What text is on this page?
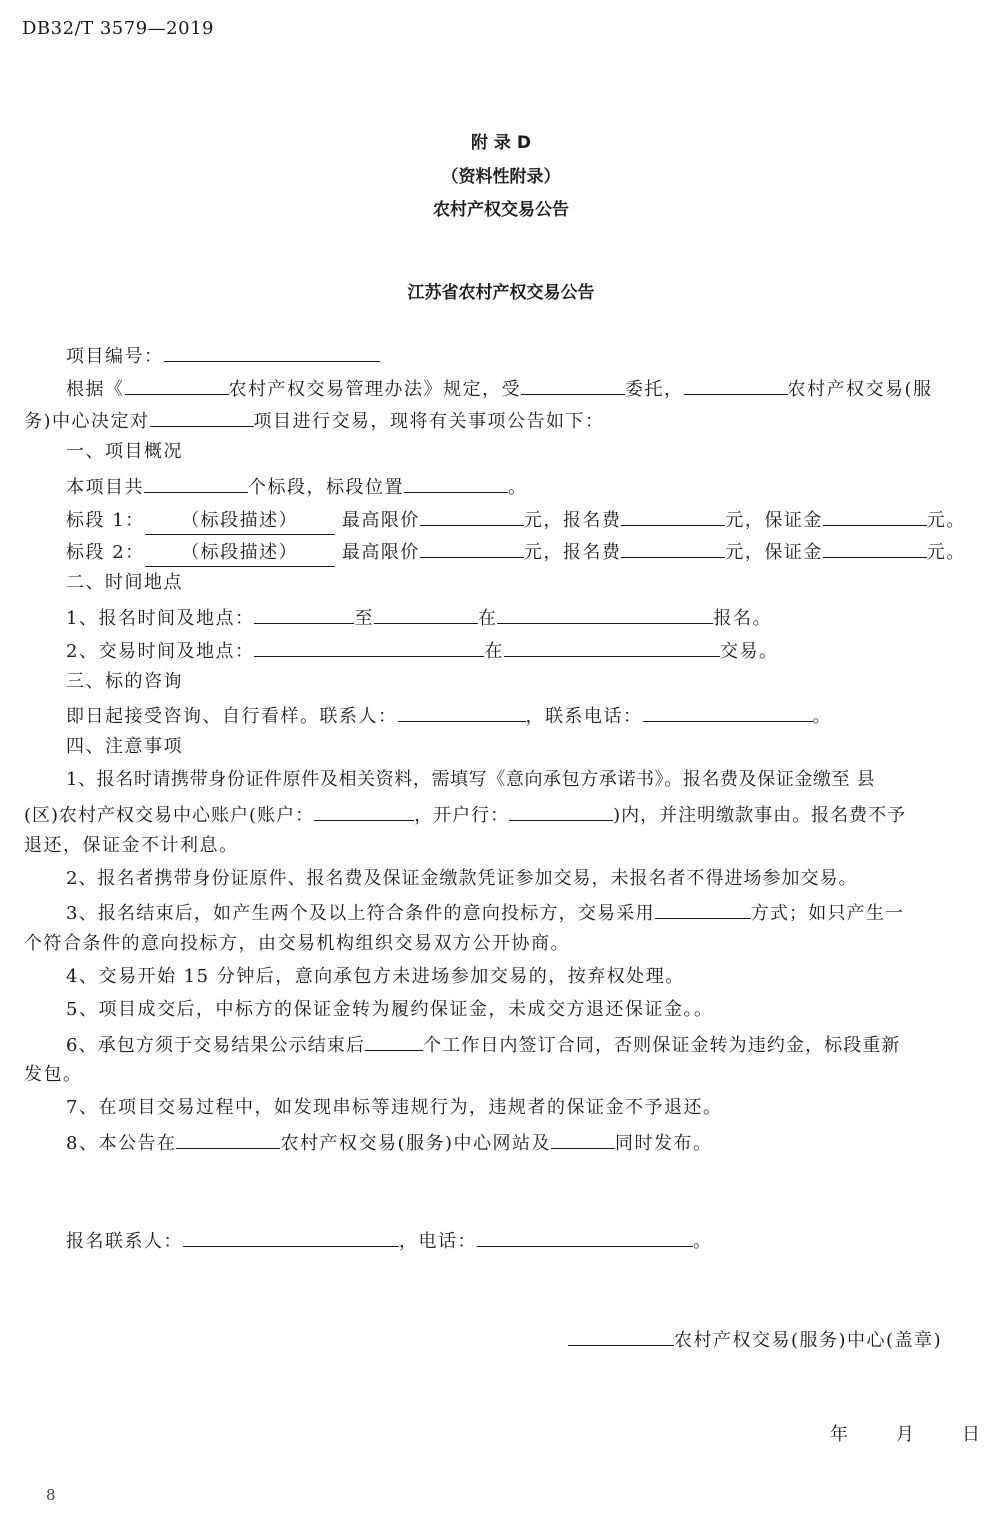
DB32/T 3579—2019
附 录 D
（资料性附录）
农村产权交易公告
江苏省农村产权交易公告
项目编号：
根据《	农村产权交易管理办法》规定，受	委托，	农村产权交易(服
务)中心决定对	项目进行交易，现将有关事项公告如下：
一、项目概况
本项目共	个标段，标段位置	。
标段 1： （标段描述） 最高限价	元，报名费	元，保证金	元。
标段 2： （标段描述） 最高限价	元，报名费	元，保证金	元。
二、时间地点
1、报名时间及地点：	至	在	报名。
2、交易时间及地点：	在	交易。
三、标的咨询
即日起接受咨询、自行看样。联系人：	，联系电话：	。
四、注意事项
1、报名时请携带身份证件原件及相关资料，需填写《意向承包方承诺书》。报名费及保证金缴至 县
(区)农村产权交易中心账户(账户：	，开户行：	)内，并注明缴款事由。报名费不予
退还，保证金不计利息。
2、报名者携带身份证原件、报名费及保证金缴款凭证参加交易，未报名者不得进场参加交易。
3、报名结束后，如产生两个及以上符合条件的意向投标方，交易采用	方式；如只产生一
个符合条件的意向投标方，由交易机构组织交易双方公开协商。
4、交易开始 15 分钟后，意向承包方未进场参加交易的，按弃权处理。
5、项目成交后，中标方的保证金转为履约保证金，未成交方退还保证金。。
6、承包方须于交易结果公示结束后	个工作日内签订合同，否则保证金转为违约金，标段重新
发包。
7、在项目交易过程中，如发现串标等违规行为，违规者的保证金不予退还。
8、本公告在	农村产权交易(服务)中心网站及	同时发布。
报名联系人：	，电话：	。
农村产权交易(服务)中心(盖章)
年	月	日
8
